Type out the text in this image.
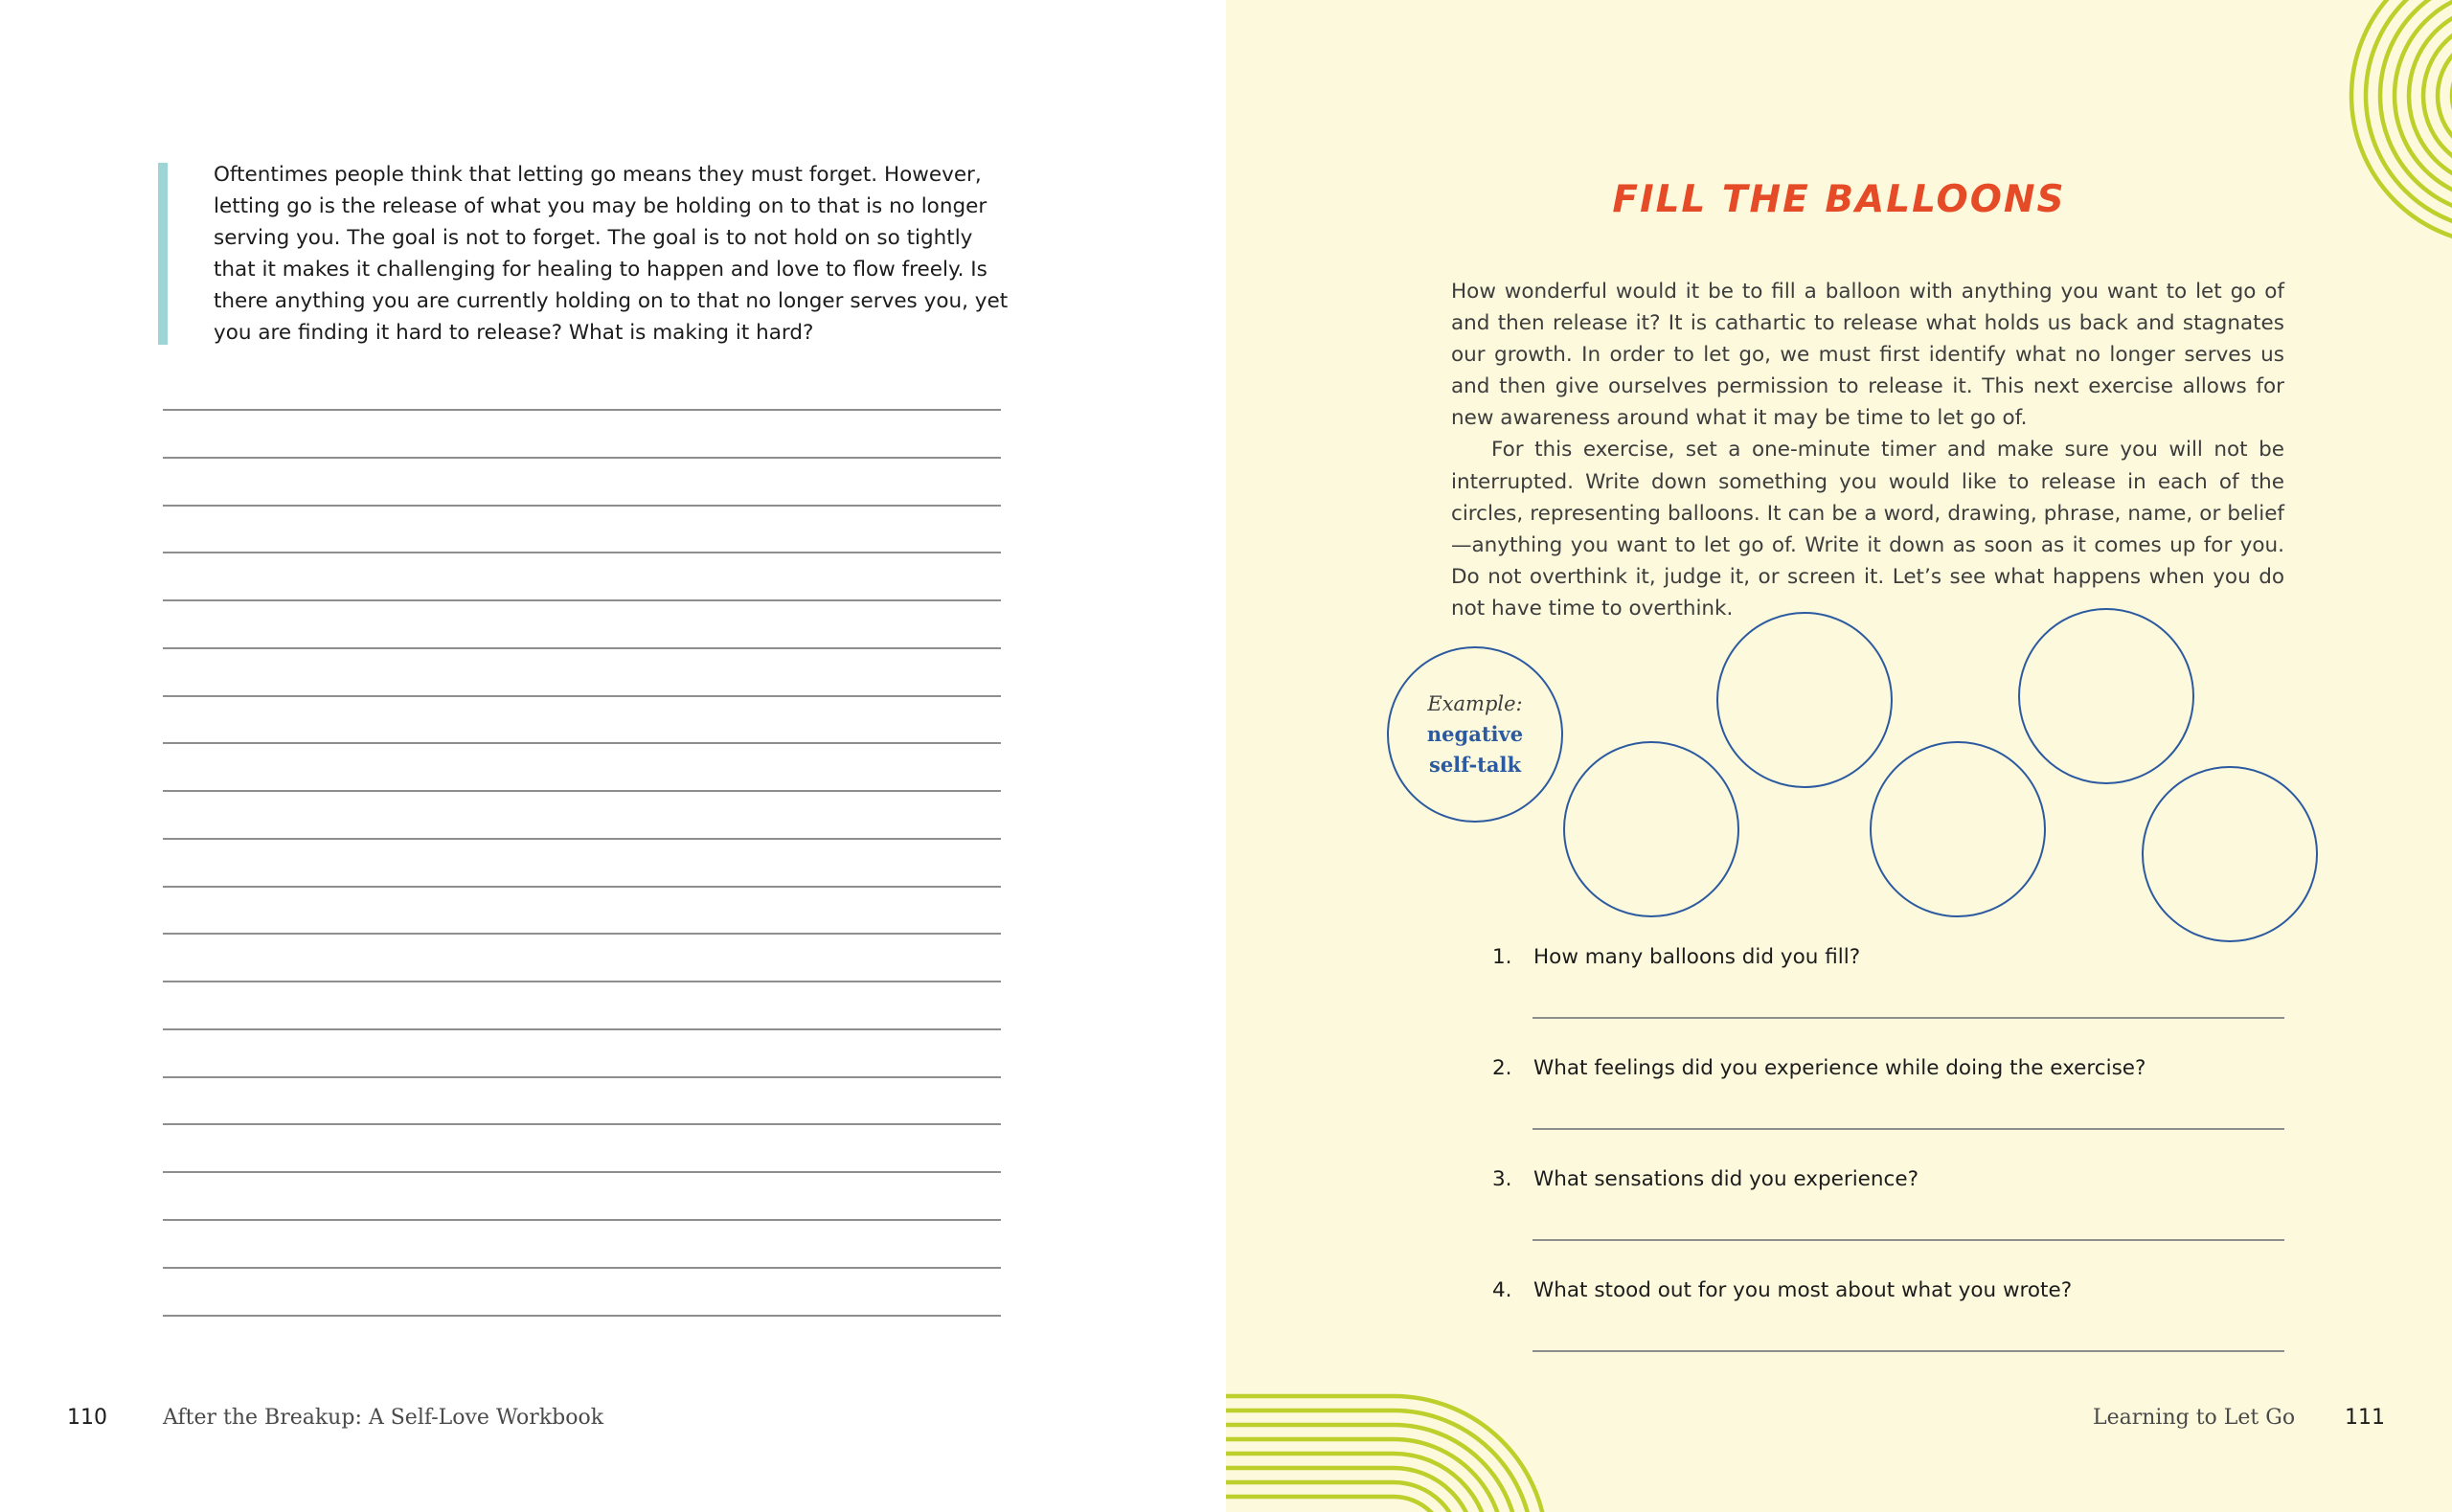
Oftentimes people think that letting go means they must forget. However, letting go is the release of what you may be holding on to that is no longer serving you. The goal is not to forget. The goal is to not hold on so tightly that it makes it challenging for healing to happen and love to flow freely. Is there anything you are currently holding on to that no longer serves you, yet you are finding it hard to release? What is making it hard?

110	After the Breakup: A Self-Love Workbook
FILL THE BALLOONS

How wonderful would it be to fill a balloon with anything you want to let go of and then release it? It is cathartic to release what holds us back and stagnates our growth. In order to let go, we must first identify what no longer serves us and then give ourselves permission to release it. This next exercise allows for new awareness around what it may be time to let go of.

For this exercise, set a one-minute timer and make sure you will not be interrupted. Write down something you would like to release in each of the circles, representing balloons. It can be a word, drawing, phrase, name, or belief—anything you want to let go of. Write it down as soon as it comes up for you. Do not overthink it, judge it, or screen it. Let’s see what happens when you do not have time to overthink.

Example:
negative
self-talk
1.	How many balloons did you fill?
2.	What feelings did you experience while doing the exercise?
3.	What sensations did you experience?
4.	What stood out for you most about what you wrote?
Learning to Let Go 111
